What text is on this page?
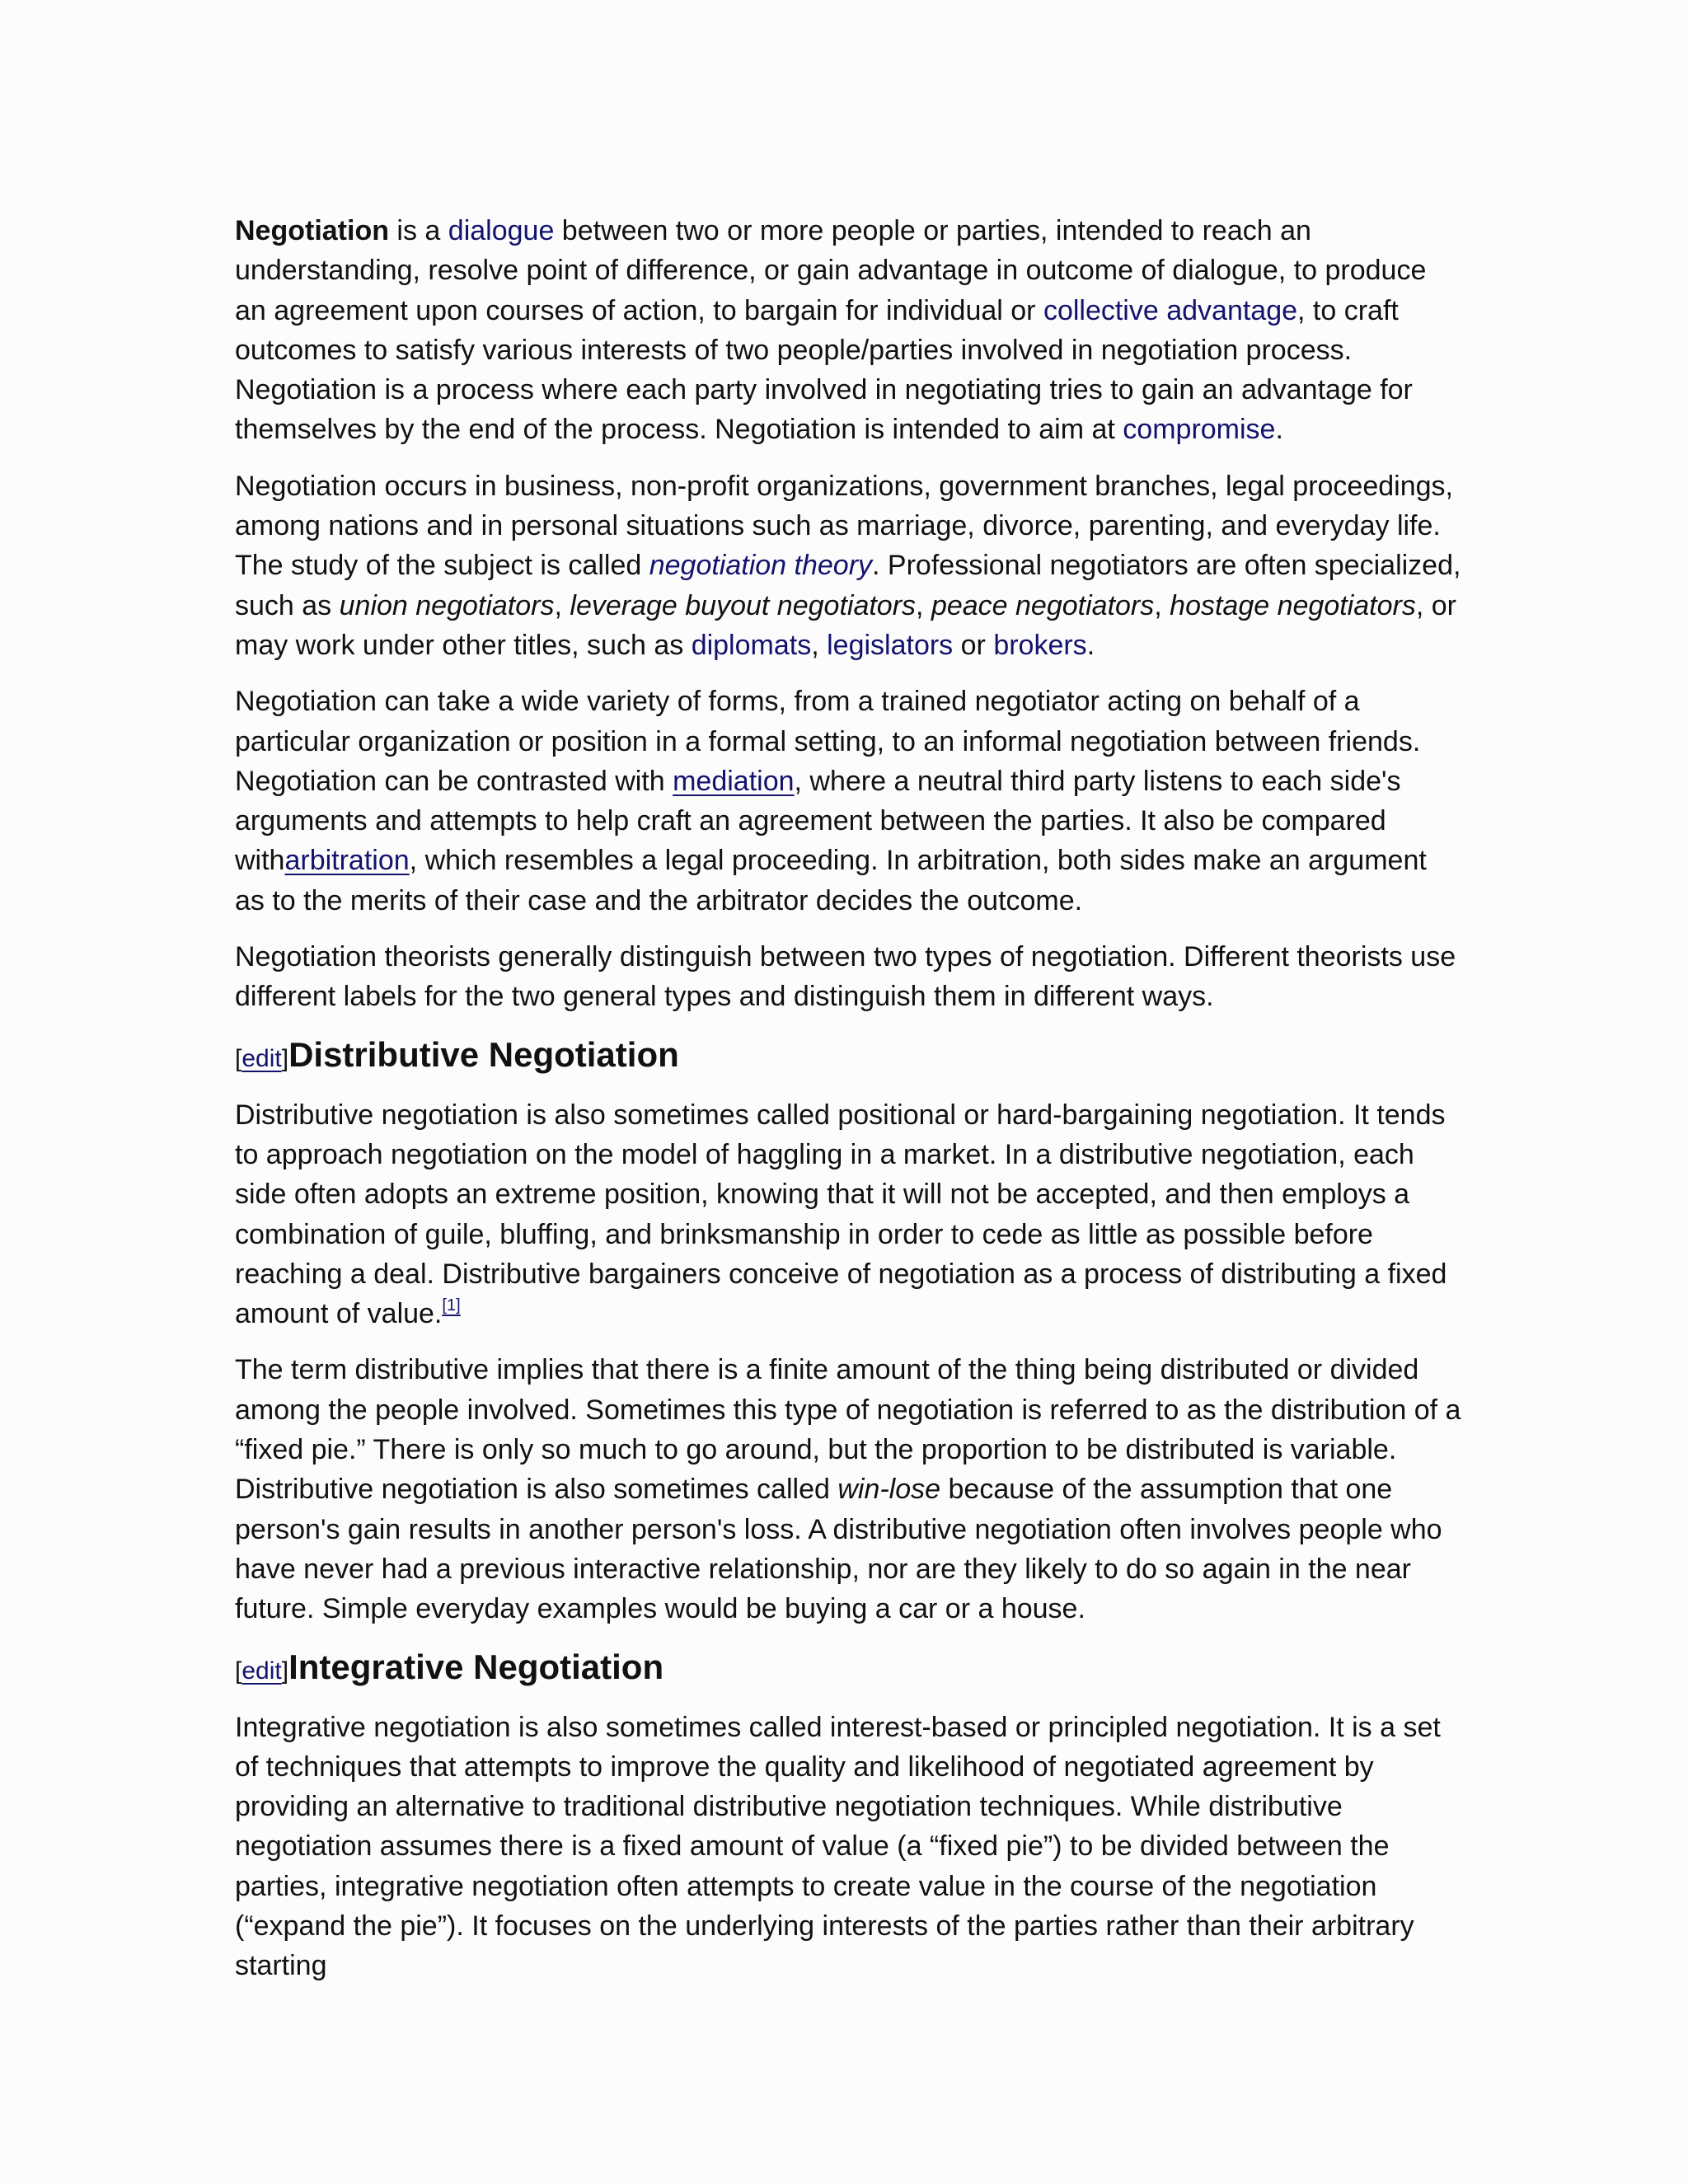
Negotiation is a dialogue between two or more people or parties, intended to reach an understanding, resolve point of difference, or gain advantage in outcome of dialogue, to produce an agreement upon courses of action, to bargain for individual or collective advantage, to craft outcomes to satisfy various interests of two people/parties involved in negotiation process. Negotiation is a process where each party involved in negotiating tries to gain an advantage for themselves by the end of the process. Negotiation is intended to aim at compromise.

Negotiation occurs in business, non-profit organizations, government branches, legal proceedings, among nations and in personal situations such as marriage, divorce, parenting, and everyday life. The study of the subject is called negotiation theory. Professional negotiators are often specialized, such as union negotiators, leverage buyout negotiators, peace negotiators, hostage negotiators, or may work under other titles, such as diplomats, legislators or brokers.

Negotiation can take a wide variety of forms, from a trained negotiator acting on behalf of a particular organization or position in a formal setting, to an informal negotiation between friends. Negotiation can be contrasted with mediation, where a neutral third party listens to each side's arguments and attempts to help craft an agreement between the parties. It also be compared witharbitration, which resembles a legal proceeding. In arbitration, both sides make an argument as to the merits of their case and the arbitrator decides the outcome.

Negotiation theorists generally distinguish between two types of negotiation. Different theorists use different labels for the two general types and distinguish them in different ways.

[edit]Distributive Negotiation

Distributive negotiation is also sometimes called positional or hard-bargaining negotiation. It tends to approach negotiation on the model of haggling in a market. In a distributive negotiation, each side often adopts an extreme position, knowing that it will not be accepted, and then employs a combination of guile, bluffing, and brinksmanship in order to cede as little as possible before reaching a deal. Distributive bargainers conceive of negotiation as a process of distributing a fixed amount of value.[1]

The term distributive implies that there is a finite amount of the thing being distributed or divided among the people involved. Sometimes this type of negotiation is referred to as the distribution of a “fixed pie.” There is only so much to go around, but the proportion to be distributed is variable. Distributive negotiation is also sometimes called win-lose because of the assumption that one person's gain results in another person's loss. A distributive negotiation often involves people who have never had a previous interactive relationship, nor are they likely to do so again in the near future. Simple everyday examples would be buying a car or a house.

[edit]Integrative Negotiation

Integrative negotiation is also sometimes called interest-based or principled negotiation. It is a set of techniques that attempts to improve the quality and likelihood of negotiated agreement by providing an alternative to traditional distributive negotiation techniques. While distributive negotiation assumes there is a fixed amount of value (a “fixed pie”) to be divided between the parties, integrative negotiation often attempts to create value in the course of the negotiation (“expand the pie”). It focuses on the underlying interests of the parties rather than their arbitrary starting
